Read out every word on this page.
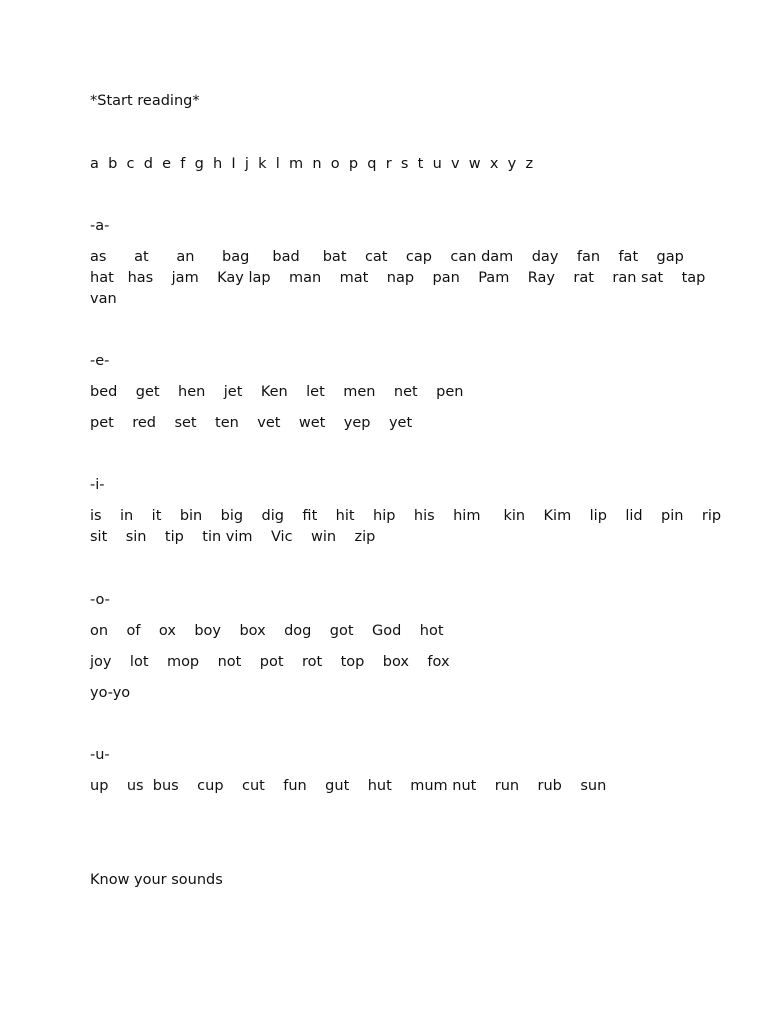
*Start reading*

a  b  c  d  e  f  g  h  I  j  k  l  m  n  o  p  q  r  s  t  u  v  w  x  y  z

-a-

as      at      an      bag     bad     bat    cat    cap    can dam    day    fan    fat    gap

hat   has    jam    Kay lap    man    mat    nap    pan    Pam    Ray    rat    ran sat    tap

van

-e-

bed    get    hen    jet    Ken    let    men    net    pen

pet    red    set    ten    vet    wet    yep    yet

-i-

is    in    it    bin    big    dig    fit    hit    hip    his    him     kin    Kim    lip    lid    pin    rip

sit    sin    tip    tin vim    Vic    win    zip

-o-

on    of    ox    boy    box    dog    got    God    hot

joy    lot    mop    not    pot    rot    top    box    fox

yo-yo

-u-

up    us  bus    cup    cut    fun    gut    hut    mum nut    run    rub    sun

Know your sounds
